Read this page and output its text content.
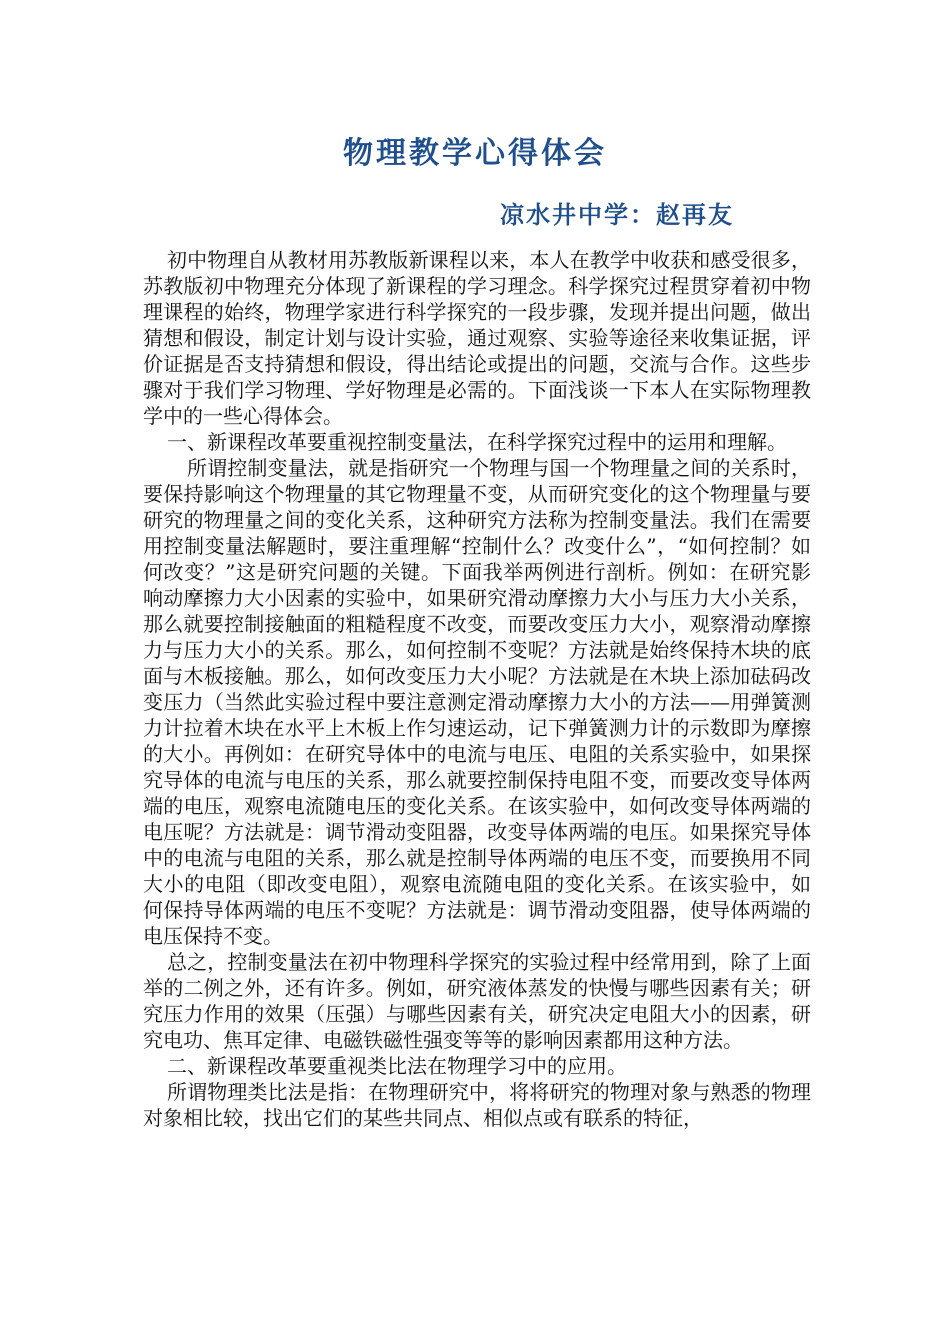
物理教学心得体会

凉水井中学：赵再友

初中物理自从教材用苏教版新课程以来，本人在教学中收获和感受很多，苏教版初中物理充分体现了新课程的学习理念。科学探究过程贯穿着初中物理课程的始终，物理学家进行科学探究的一段步骤，发现并提出问题，做出猜想和假设，制定计划与设计实验，通过观察、实验等途径来收集证据，评价证据是否支持猜想和假设，得出结论或提出的问题，交流与合作。这些步骤对于我们学习物理、学好物理是必需的。下面浅谈一下本人在实际物理教学中的一些心得体会。

一、新课程改革要重视控制变量法，在科学探究过程中的运用和理解。

所谓控制变量法，就是指研究一个物理与国一个物理量之间的关系时，要保持影响这个物理量的其它物理量不变，从而研究变化的这个物理量与要研究的物理量之间的变化关系，这种研究方法称为控制变量法。我们在需要用控制变量法解题时，要注重理解“控制什么？改变什么”，“如何控制？如何改变？”这是研究问题的关键。下面我举两例进行剖析。例如：在研究影响动摩擦力大小因素的实验中，如果研究滑动摩擦力大小与压力大小关系，那么就要控制接触面的粗糙程度不改变，而要改变压力大小，观察滑动摩擦力与压力大小的关系。那么，如何控制不变呢？方法就是始终保持木块的底面与木板接触。那么，如何改变压力大小呢？方法就是在木块上添加砝码改变压力（当然此实验过程中要注意测定滑动摩擦力大小的方法——用弹簧测力计拉着木块在水平上木板上作匀速运动，记下弹簧测力计的示数即为摩擦的大小。再例如：在研究导体中的电流与电压、电阻的关系实验中，如果探究导体的电流与电压的关系，那么就要控制保持电阻不变，而要改变导体两端的电压，观察电流随电压的变化关系。在该实验中，如何改变导体两端的电压呢？方法就是：调节滑动变阻器，改变导体两端的电压。如果探究导体中的电流与电阻的关系，那么就是控制导体两端的电压不变，而要换用不同大小的电阻（即改变电阻），观察电流随电阻的变化关系。在该实验中，如何保持导体两端的电压不变呢？方法就是：调节滑动变阻器，使导体两端的电压保持不变。

总之，控制变量法在初中物理科学探究的实验过程中经常用到，除了上面举的二例之外，还有许多。例如，研究液体蒸发的快慢与哪些因素有关；研究压力作用的效果（压强）与哪些因素有关，研究决定电阻大小的因素，研究电功、焦耳定律、电磁铁磁性强变等等的影响因素都用这种方法。

二、新课程改革要重视类比法在物理学习中的应用。

所谓物理类比法是指：在物理研究中，将将研究的物理对象与熟悉的物理对象相比较，找出它们的某些共同点、相似点或有联系的特征，
